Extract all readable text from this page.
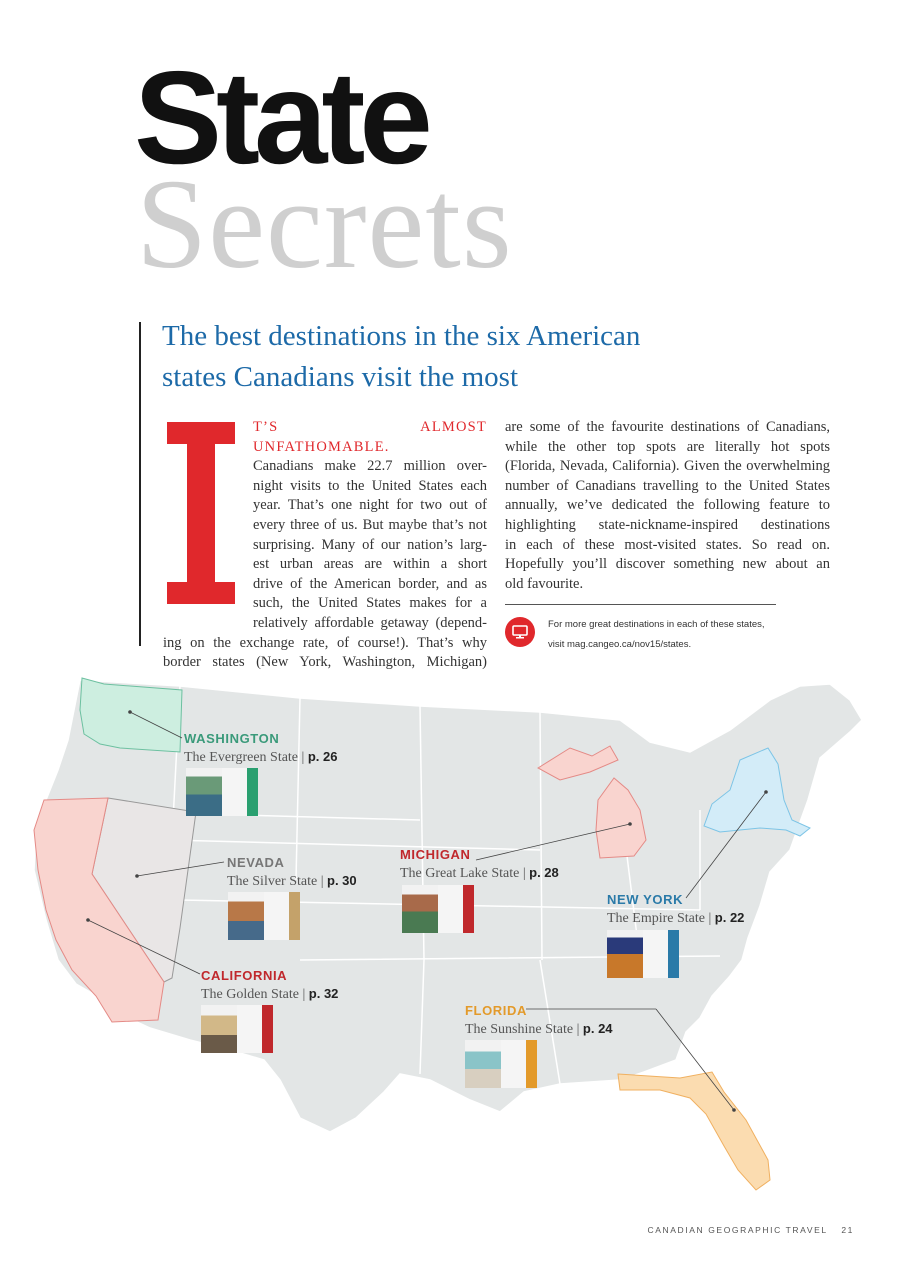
State
Secrets
The best destinations in the six American
states Canadians visit the most
T’S ALMOST UNFATHOMABLE.
Canadians make 22.7 million over-
night visits to the United States each
year. That’s one night for two out of
every three of us. But maybe that’s not
surprising. Many of our nation’s larg-
est urban areas are within a short
drive of the American border, and as
such, the United States makes for a
relatively affordable getaway (depend-
ing on the exchange rate, of course!). That’s why
border states (New York, Washington, Michigan)
are some of the favourite destinations of Canadians,
while the other top spots are literally hot spots
(Florida, Nevada, California). Given the overwhelming
number of Canadians travelling to the United States
annually, we’ve dedicated the following feature to
highlighting state-nickname-inspired destinations
in each of these most-visited states. So read on.
Hopefully you’ll discover something new about an
old favourite.
For more great destinations in each of these states,
visit mag.cangeo.ca/nov15/states.
WASHINGTON
The Evergreen State | p. 26
NEVADA
The Silver State | p. 30
CALIFORNIA
The Golden State | p. 32
MICHIGAN
The Great Lake State | p. 28
NEW YORK
The Empire State | p. 22
FLORIDA
The Sunshine State | p. 24
CANADIAN GEOGRAPHIC TRAVEL 21
